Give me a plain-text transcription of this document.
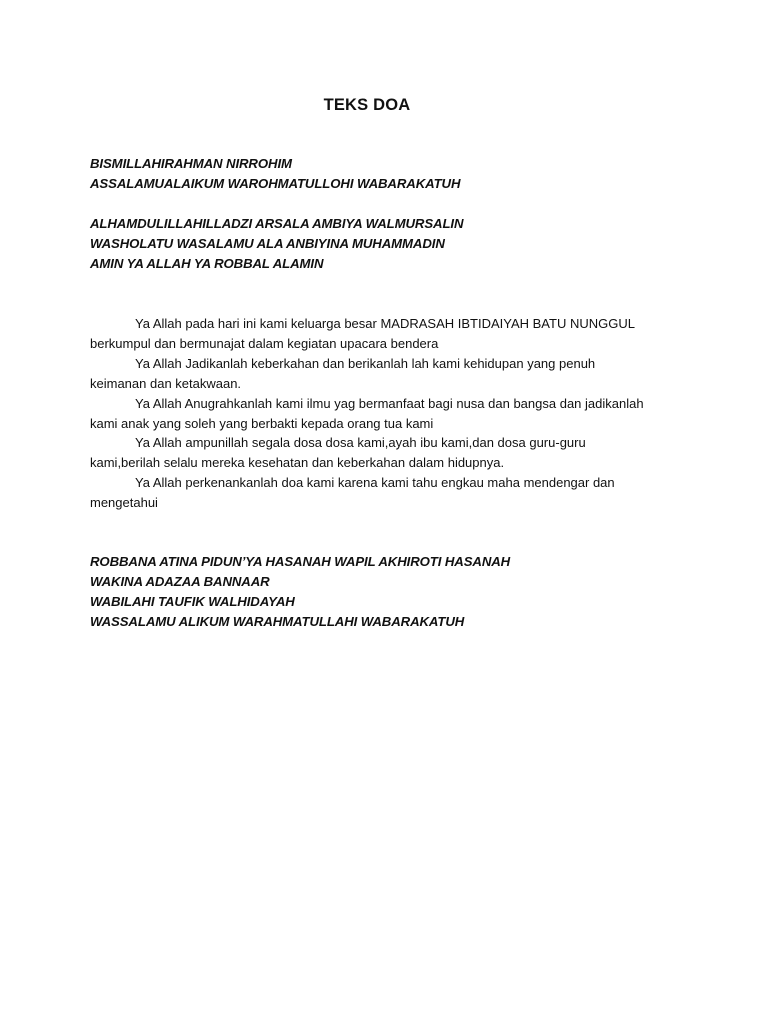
TEKS DOA
BISMILLAHIRAHMAN NIRROHIM
ASSALAMUALAIKUM WAROHMATULLOHI WABARAKATUH
ALHAMDULILLAHILLADZI ARSALA AMBIYA WALMURSALIN
WASHOLATU WASALAMU ALA ANBIYINA MUHAMMADIN
AMIN YA ALLAH YA ROBBAL ALAMIN

Ya Allah pada hari ini kami keluarga besar MADRASAH IBTIDAIYAH BATU NUNGGUL berkumpul dan bermunajat dalam kegiatan upacara bendera

Ya Allah Jadikanlah keberkahan dan berikanlah lah kami kehidupan yang penuh keimanan dan ketakwaan.

Ya Allah Anugrahkanlah kami ilmu yag bermanfaat bagi nusa dan bangsa dan jadikanlah kami anak yang soleh yang berbakti kepada orang tua kami

Ya Allah ampunillah segala dosa dosa kami,ayah ibu kami,dan dosa guru-guru kami,berilah selalu mereka kesehatan dan keberkahan dalam hidupnya.

Ya Allah perkenankanlah doa kami karena kami tahu engkau maha mendengar dan mengetahui

ROBBANA ATINA PIDUN’YA HASANAH WAPIL AKHIROTI HASANAH
WAKINA ADAZAA BANNAAR
WABILAHI TAUFIK WALHIDAYAH
WASSALAMU ALIKUM WARAHMATULLAHI WABARAKATUH
